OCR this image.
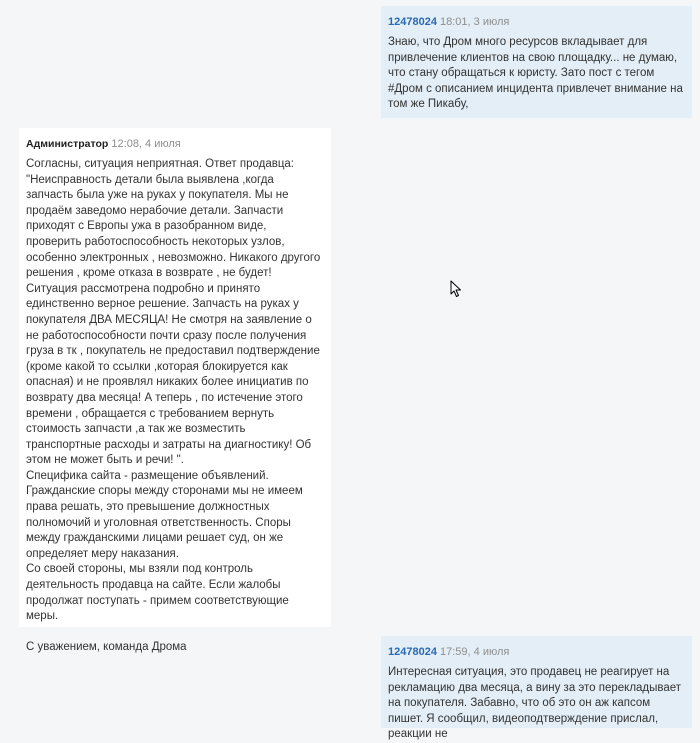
12478024 18:01, 3 июля

Знаю, что Дром много ресурсов вкладывает для привлечение клиентов на свою площадку... не думаю, что стану обращаться к юристу. Зато пост с тегом #Дром с описанием инцидента привлечет внимание на том же Пикабу,

Администратор 12:08, 4 июля

Согласны, ситуация неприятная. Ответ продавца: "Неисправность детали была выявлена ,когда запчасть была уже на руках у покупателя. Мы не продаём заведомо нерабочие детали. Запчасти приходят с Европы ужа в разобранном виде, проверить работоспособность некоторых узлов, особенно электронных , невозможно. Никакого другого решения , кроме отказа в возврате , не будет! Ситуация рассмотрена подробно и принято единственно верное решение. Запчасть на руках у покупателя ДВА МЕСЯЦА! Не смотря на заявление о не работоспособности почти сразу после получения груза в тк , покупатель не предоставил подтверждение (кроме какой то ссылки ,которая блокируется как опасная) и не проявлял никаких более инициатив по возврату два месяца! А теперь , по истечение этого времени , обращается с требованием вернуть стоимость запчасти ,а так же возместить транспортные расходы и затраты на диагностику! Об этом не может быть и речи! ".

Специфика сайта - размещение объявлений.

Гражданские споры между сторонами мы не имеем права решать, это превышение должностных полномочий и уголовная ответственность. Споры между гражданскими лицами решает суд, он же определяет меру наказания.

Со своей стороны, мы взяли под контроль деятельность продавца на сайте. Если жалобы продолжат поступать - примем соответствующие меры.

С уважением, команда Дрома	12478024 17:59, 4 июля

Интересная ситуация, это продавец не реагирует на рекламацию два месяца, а вину за это перекладывает на покупателя. Забавно, что об это он аж капсом пишет. Я сообщил, видеоподтверждение прислал, реакции не
